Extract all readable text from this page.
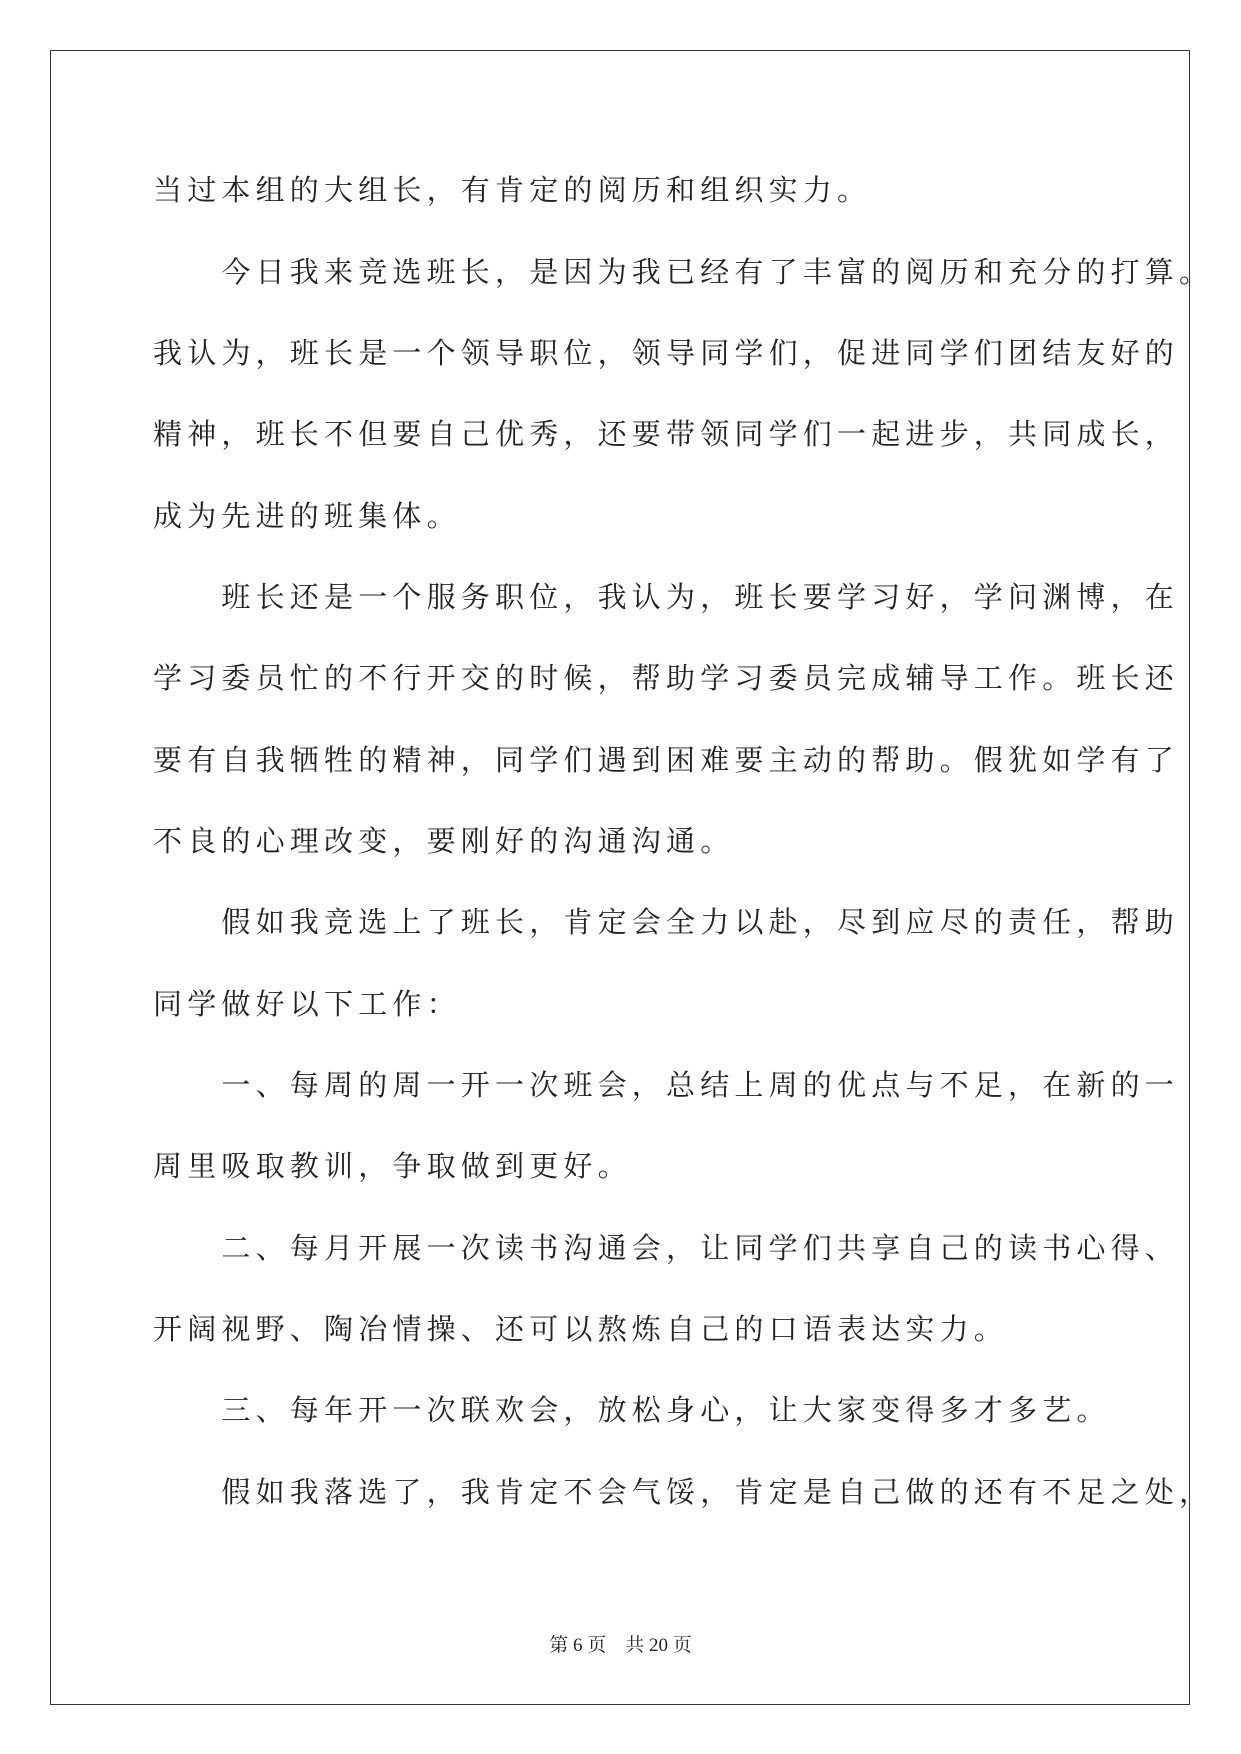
当过本组的大组长，有肯定的阅历和组织实力。
　　今日我来竞选班长，是因为我已经有了丰富的阅历和充分的打算。
我认为，班长是一个领导职位，领导同学们，促进同学们团结友好的
精神，班长不但要自己优秀，还要带领同学们一起进步，共同成长，
成为先进的班集体。
　　班长还是一个服务职位，我认为，班长要学习好，学问渊博，在
学习委员忙的不行开交的时候，帮助学习委员完成辅导工作。班长还
要有自我牺牲的精神，同学们遇到困难要主动的帮助。假犹如学有了
不良的心理改变，要刚好的沟通沟通。
　　假如我竞选上了班长，肯定会全力以赴，尽到应尽的责任，帮助
同学做好以下工作：
　　一、每周的周一开一次班会，总结上周的优点与不足，在新的一
周里吸取教训，争取做到更好。
　　二、每月开展一次读书沟通会，让同学们共享自己的读书心得、
开阔视野、陶冶情操、还可以熬炼自己的口语表达实力。
　　三、每年开一次联欢会，放松身心，让大家变得多才多艺。
　　假如我落选了，我肯定不会气馁，肯定是自己做的还有不足之处，
第 6 页　共 20 页
